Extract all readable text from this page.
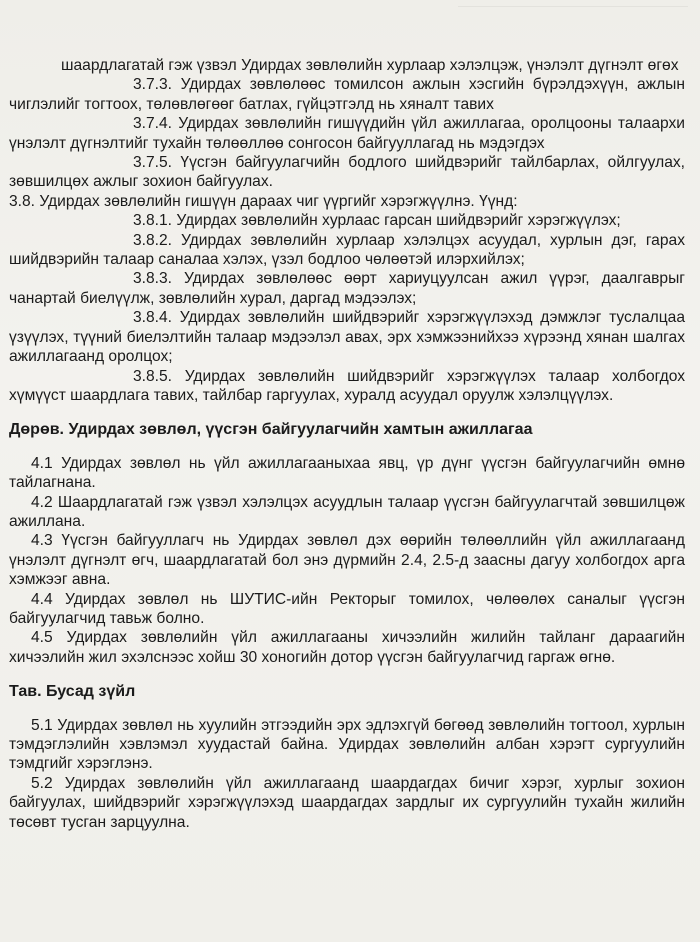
шаардлагатай гэж үзвэл Удирдах зөвлөлийн хурлаар хэлэлцэж, үнэлэлт дүгнэлт өгөх

3.7.3. Удирдах зөвлөлөөс томилсон ажлын хэсгийн бүрэлдэхүүн, ажлын чиглэлийг тогтоох, төлөвлөгөөг батлах, гүйцэтгэлд нь хяналт тавих

3.7.4. Удирдах зөвлөлийн гишүүдийн үйл ажиллагаа, оролцооны талаархи үнэлэлт дүгнэлтийг тухайн төлөөллөө сонгосон байгууллагад нь мэдэгдэх

3.7.5. Үүсгэн байгуулагчийн бодлого шийдвэрийг тайлбарлах, ойлгуулах, зөвшилцөх ажлыг зохион байгуулах.

3.8. Удирдах зөвлөлийн гишүүн дараах чиг үүргийг хэрэгжүүлнэ. Үүнд:

3.8.1. Удирдах зөвлөлийн хурлаас гарсан шийдвэрийг хэрэгжүүлэх;

3.8.2. Удирдах зөвлөлийн хурлаар хэлэлцэх асуудал, хурлын дэг, гарах шийдвэрийн талаар саналаа хэлэх, үзэл бодлоо чөлөөтэй илэрхийлэх;

3.8.3. Удирдах зөвлөлөөс өөрт хариуцуулсан ажил үүрэг, даалгаврыг чанартай биелүүлж, зөвлөлийн хурал, даргад мэдээлэх;

3.8.4. Удирдах зөвлөлийн шийдвэрийг хэрэгжүүлэхэд дэмжлэг туслалцаа үзүүлэх, түүний биелэлтийн талаар мэдээлэл авах, эрх хэмжээнийхээ хүрээнд хянан шалгах ажиллагаанд оролцох;

3.8.5. Удирдах зөвлөлийн шийдвэрийг хэрэгжүүлэх талаар холбогдох хүмүүст шаардлага тавих, тайлбар гаргуулах, хуралд асуудал оруулж хэлэлцүүлэх.

Дөрөв. Удирдах зөвлөл, үүсгэн байгуулагчийн хамтын ажиллагаа

4.1 Удирдах зөвлөл нь үйл ажиллагааныхаа явц, үр дүнг үүсгэн байгуулагчийн өмнө тайлагнана.

4.2 Шаардлагатай гэж үзвэл хэлэлцэх асуудлын талаар үүсгэн байгуулагчтай зөвшилцөж ажиллана.

4.3 Үүсгэн байгууллагч нь Удирдах зөвлөл дэх өөрийн төлөөллийн үйл ажиллагаанд үнэлэлт дүгнэлт өгч, шаардлагатай бол энэ дүрмийн 2.4, 2.5-д заасны дагуу холбогдох арга хэмжээг авна.

4.4 Удирдах зөвлөл нь ШУТИС-ийн Ректорыг томилох, чөлөөлөх саналыг үүсгэн байгуулагчид тавьж болно.

4.5 Удирдах зөвлөлийн үйл ажиллагааны хичээлийн жилийн тайланг дараагийн хичээлийн жил эхэлснээс хойш 30 хоногийн дотор үүсгэн байгуулагчид гаргаж өгнө.

Тав. Бусад зүйл

5.1 Удирдах зөвлөл нь хуулийн этгээдийн эрх эдлэхгүй бөгөөд зөвлөлийн тогтоол, хурлын тэмдэглэлийн хэвлэмэл хуудастай байна. Удирдах зөвлөлийн албан хэрэгт сургуулийн тэмдгийг хэрэглэнэ.

5.2 Удирдах зөвлөлийн үйл ажиллагаанд шаардагдах бичиг хэрэг, хурлыг зохион байгуулах, шийдвэрийг хэрэгжүүлэхэд шаардагдах зардлыг их сургуулийн тухайн жилийн төсөвт тусган зарцуулна.
